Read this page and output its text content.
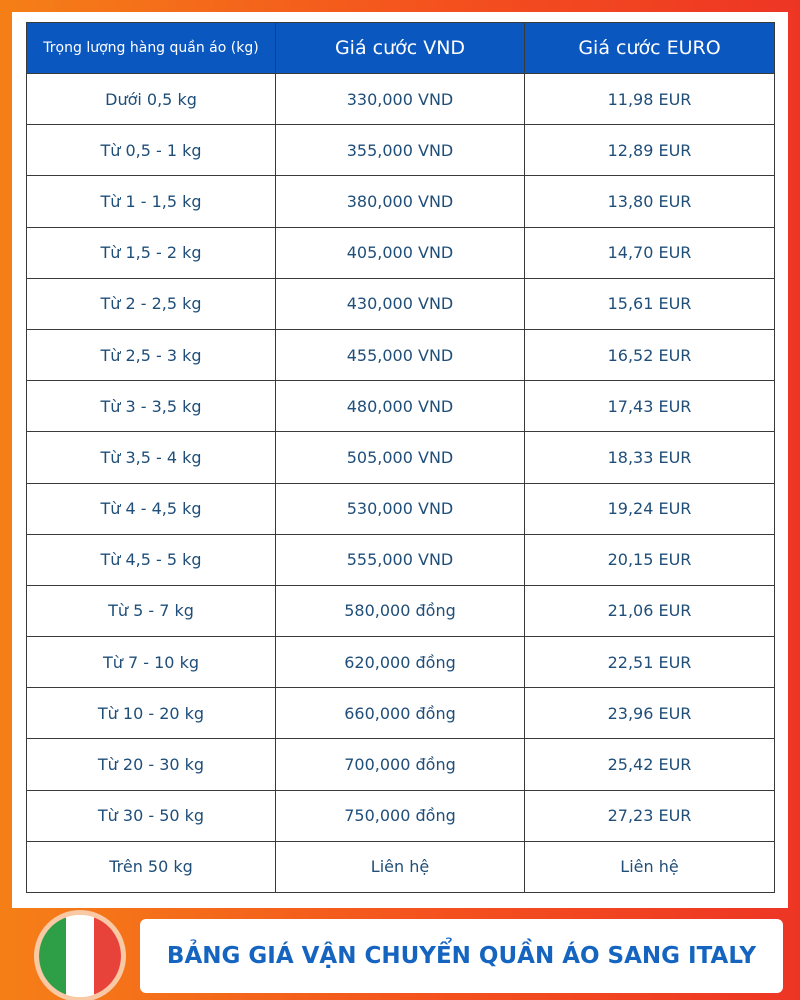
Trọng lượng hàng quần áo (kg)	Giá cước VND	Giá cước EURO
Dưới 0,5 kg	330,000 VND	11,98 EUR
Từ 0,5 - 1 kg	355,000 VND	12,89 EUR
Từ 1 - 1,5 kg	380,000 VND	13,80 EUR
Từ 1,5 - 2 kg	405,000 VND	14,70 EUR
Từ 2 - 2,5 kg	430,000 VND	15,61 EUR
Từ 2,5 - 3 kg	455,000 VND	16,52 EUR
Từ 3 - 3,5 kg	480,000 VND	17,43 EUR
Từ 3,5 - 4 kg	505,000 VND	18,33 EUR
Từ 4 - 4,5 kg	530,000 VND	19,24 EUR
Từ 4,5 - 5 kg	555,000 VND	20,15 EUR
Từ 5 - 7 kg	580,000 đồng	21,06 EUR
Từ 7 - 10 kg	620,000 đồng	22,51 EUR
Từ 10 - 20 kg	660,000 đồng	23,96 EUR
Từ 20 - 30 kg	700,000 đồng	25,42 EUR
Từ 30 - 50 kg	750,000 đồng	27,23 EUR
Trên 50 kg	Liên hệ	Liên hệ
BẢNG GIÁ VẬN CHUYỂN QUẦN ÁO SANG ITALY
